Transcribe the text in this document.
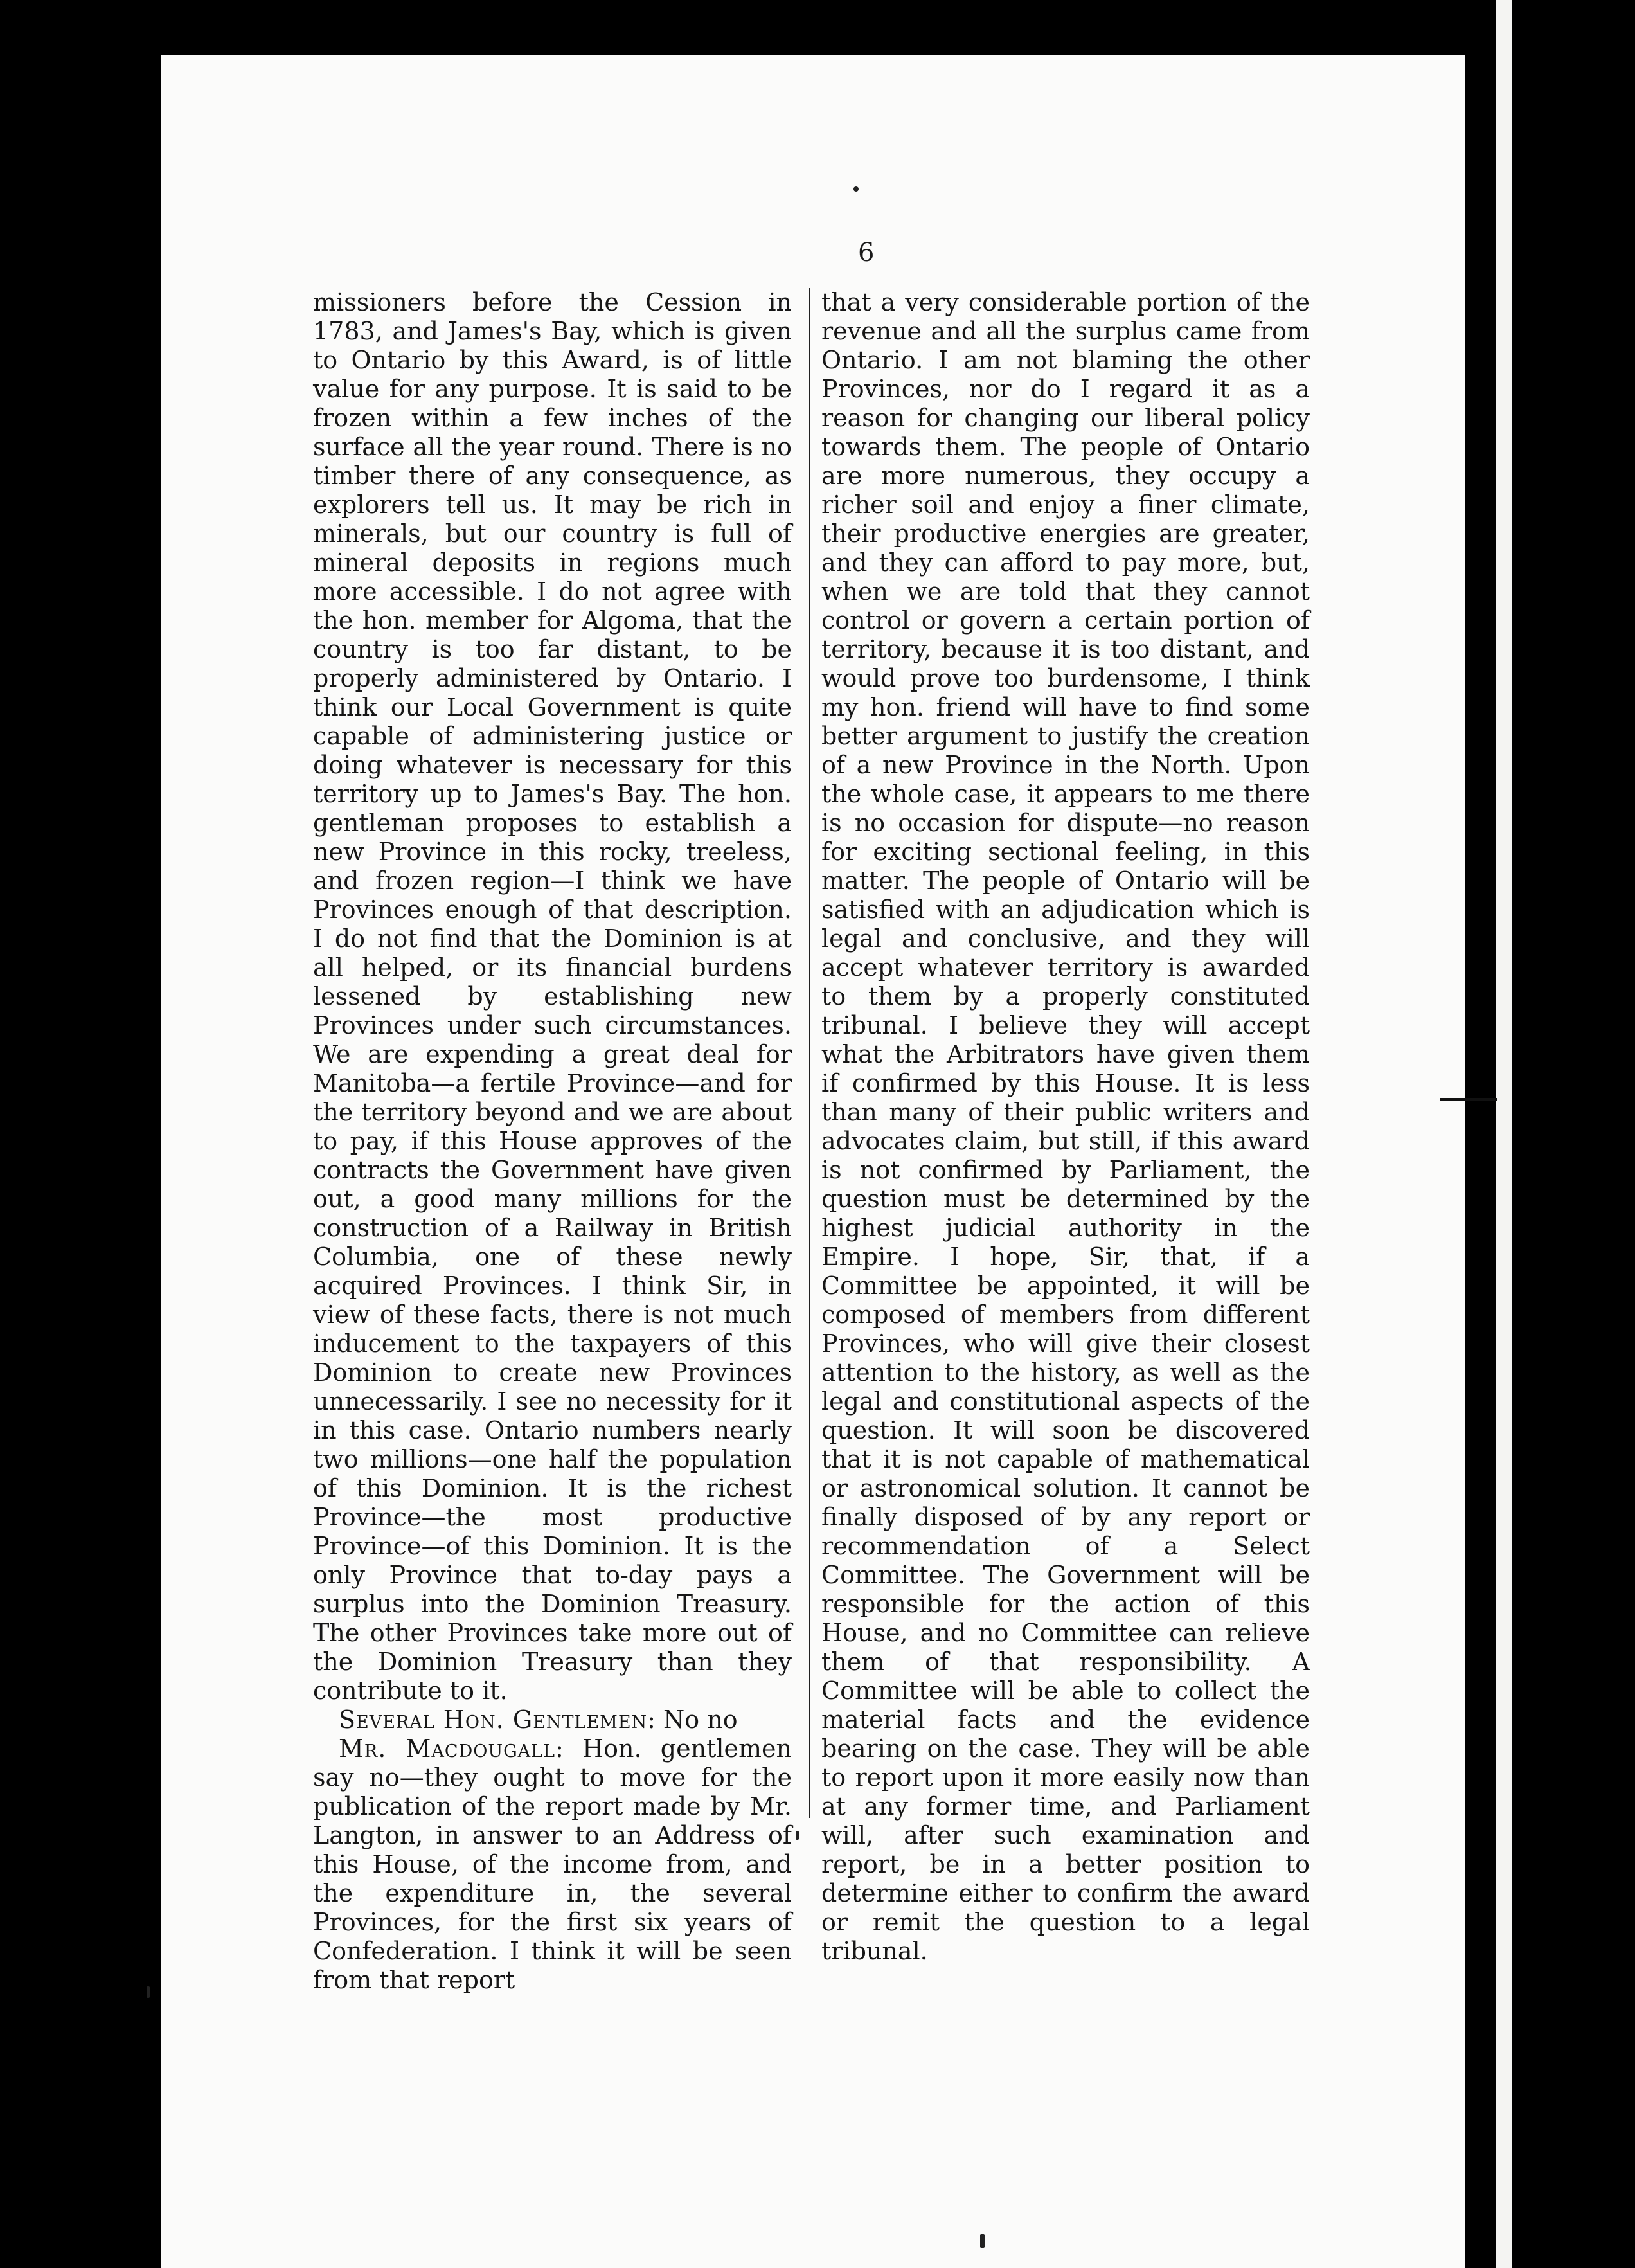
6

missioners before the Cession in 1783, and James's Bay, which is given to Ontario by this Award, is of little value for any purpose. It is said to be frozen within a few inches of the surface all the year round. There is no timber there of any consequence, as explorers tell us. It may be rich in minerals, but our country is full of mineral deposits in regions much more accessible. I do not agree with the hon. member for Algoma, that the country is too far distant, to be properly administered by Ontario. I think our Local Government is quite capable of administering justice or doing whatever is necessary for this territory up to James's Bay. The hon. gentleman proposes to establish a new Province in this rocky, treeless, and frozen region—I think we have Provinces enough of that description. I do not find that the Dominion is at all helped, or its financial burdens lessened by establishing new Provinces under such circumstances. We are expending a great deal for Manitoba—a fertile Province—and for the territory beyond and we are about to pay, if this House approves of the contracts the Government have given out, a good many millions for the construction of a Railway in British Columbia, one of these newly acquired Provinces. I think Sir, in view of these facts, there is not much inducement to the taxpayers of this Dominion to create new Provinces unnecessarily. I see no necessity for it in this case. Ontario numbers nearly two millions—one half the population of this Dominion. It is the richest Province—the most productive Province—of this Dominion. It is the only Province that to-day pays a surplus into the Dominion Treasury. The other Provinces take more out of the Dominion Treasury than they contribute to it.

Several Hon. Gentlemen: No no

Mr. Macdougall: Hon. gentlemen say no—they ought to move for the publication of the report made by Mr. Langton, in answer to an Address of this House, of the income from, and the expenditure in, the several Provinces, for the first six years of Confederation. I think it will be seen from that report

that a very considerable portion of the revenue and all the surplus came from Ontario. I am not blaming the other Provinces, nor do I regard it as a reason for changing our liberal policy towards them. The people of Ontario are more numerous, they occupy a richer soil and enjoy a finer climate, their productive energies are greater, and they can afford to pay more, but, when we are told that they cannot control or govern a certain portion of territory, because it is too distant, and would prove too burdensome, I think my hon. friend will have to find some better argument to justify the creation of a new Province in the North. Upon the whole case, it appears to me there is no occasion for dispute—no reason for exciting sectional feeling, in this matter. The people of Ontario will be satisfied with an adjudication which is legal and conclusive, and they will accept whatever territory is awarded to them by a properly constituted tribunal. I believe they will accept what the Arbitrators have given them if confirmed by this House. It is less than many of their public writers and advocates claim, but still, if this award is not confirmed by Parliament, the question must be determined by the highest judicial authority in the Empire. I hope, Sir, that, if a Committee be appointed, it will be composed of members from different Provinces, who will give their closest attention to the history, as well as the legal and constitutional aspects of the question. It will soon be discovered that it is not capable of mathematical or astronomical solution. It cannot be finally disposed of by any report or recommendation of a Select Committee. The Government will be responsible for the action of this House, and no Committee can relieve them of that responsibility. A Committee will be able to collect the material facts and the evidence bearing on the case. They will be able to report upon it more easily now than at any former time, and Parliament will, after such examination and report, be in a better position to determine either to confirm the award or remit the question to a legal tribunal.
